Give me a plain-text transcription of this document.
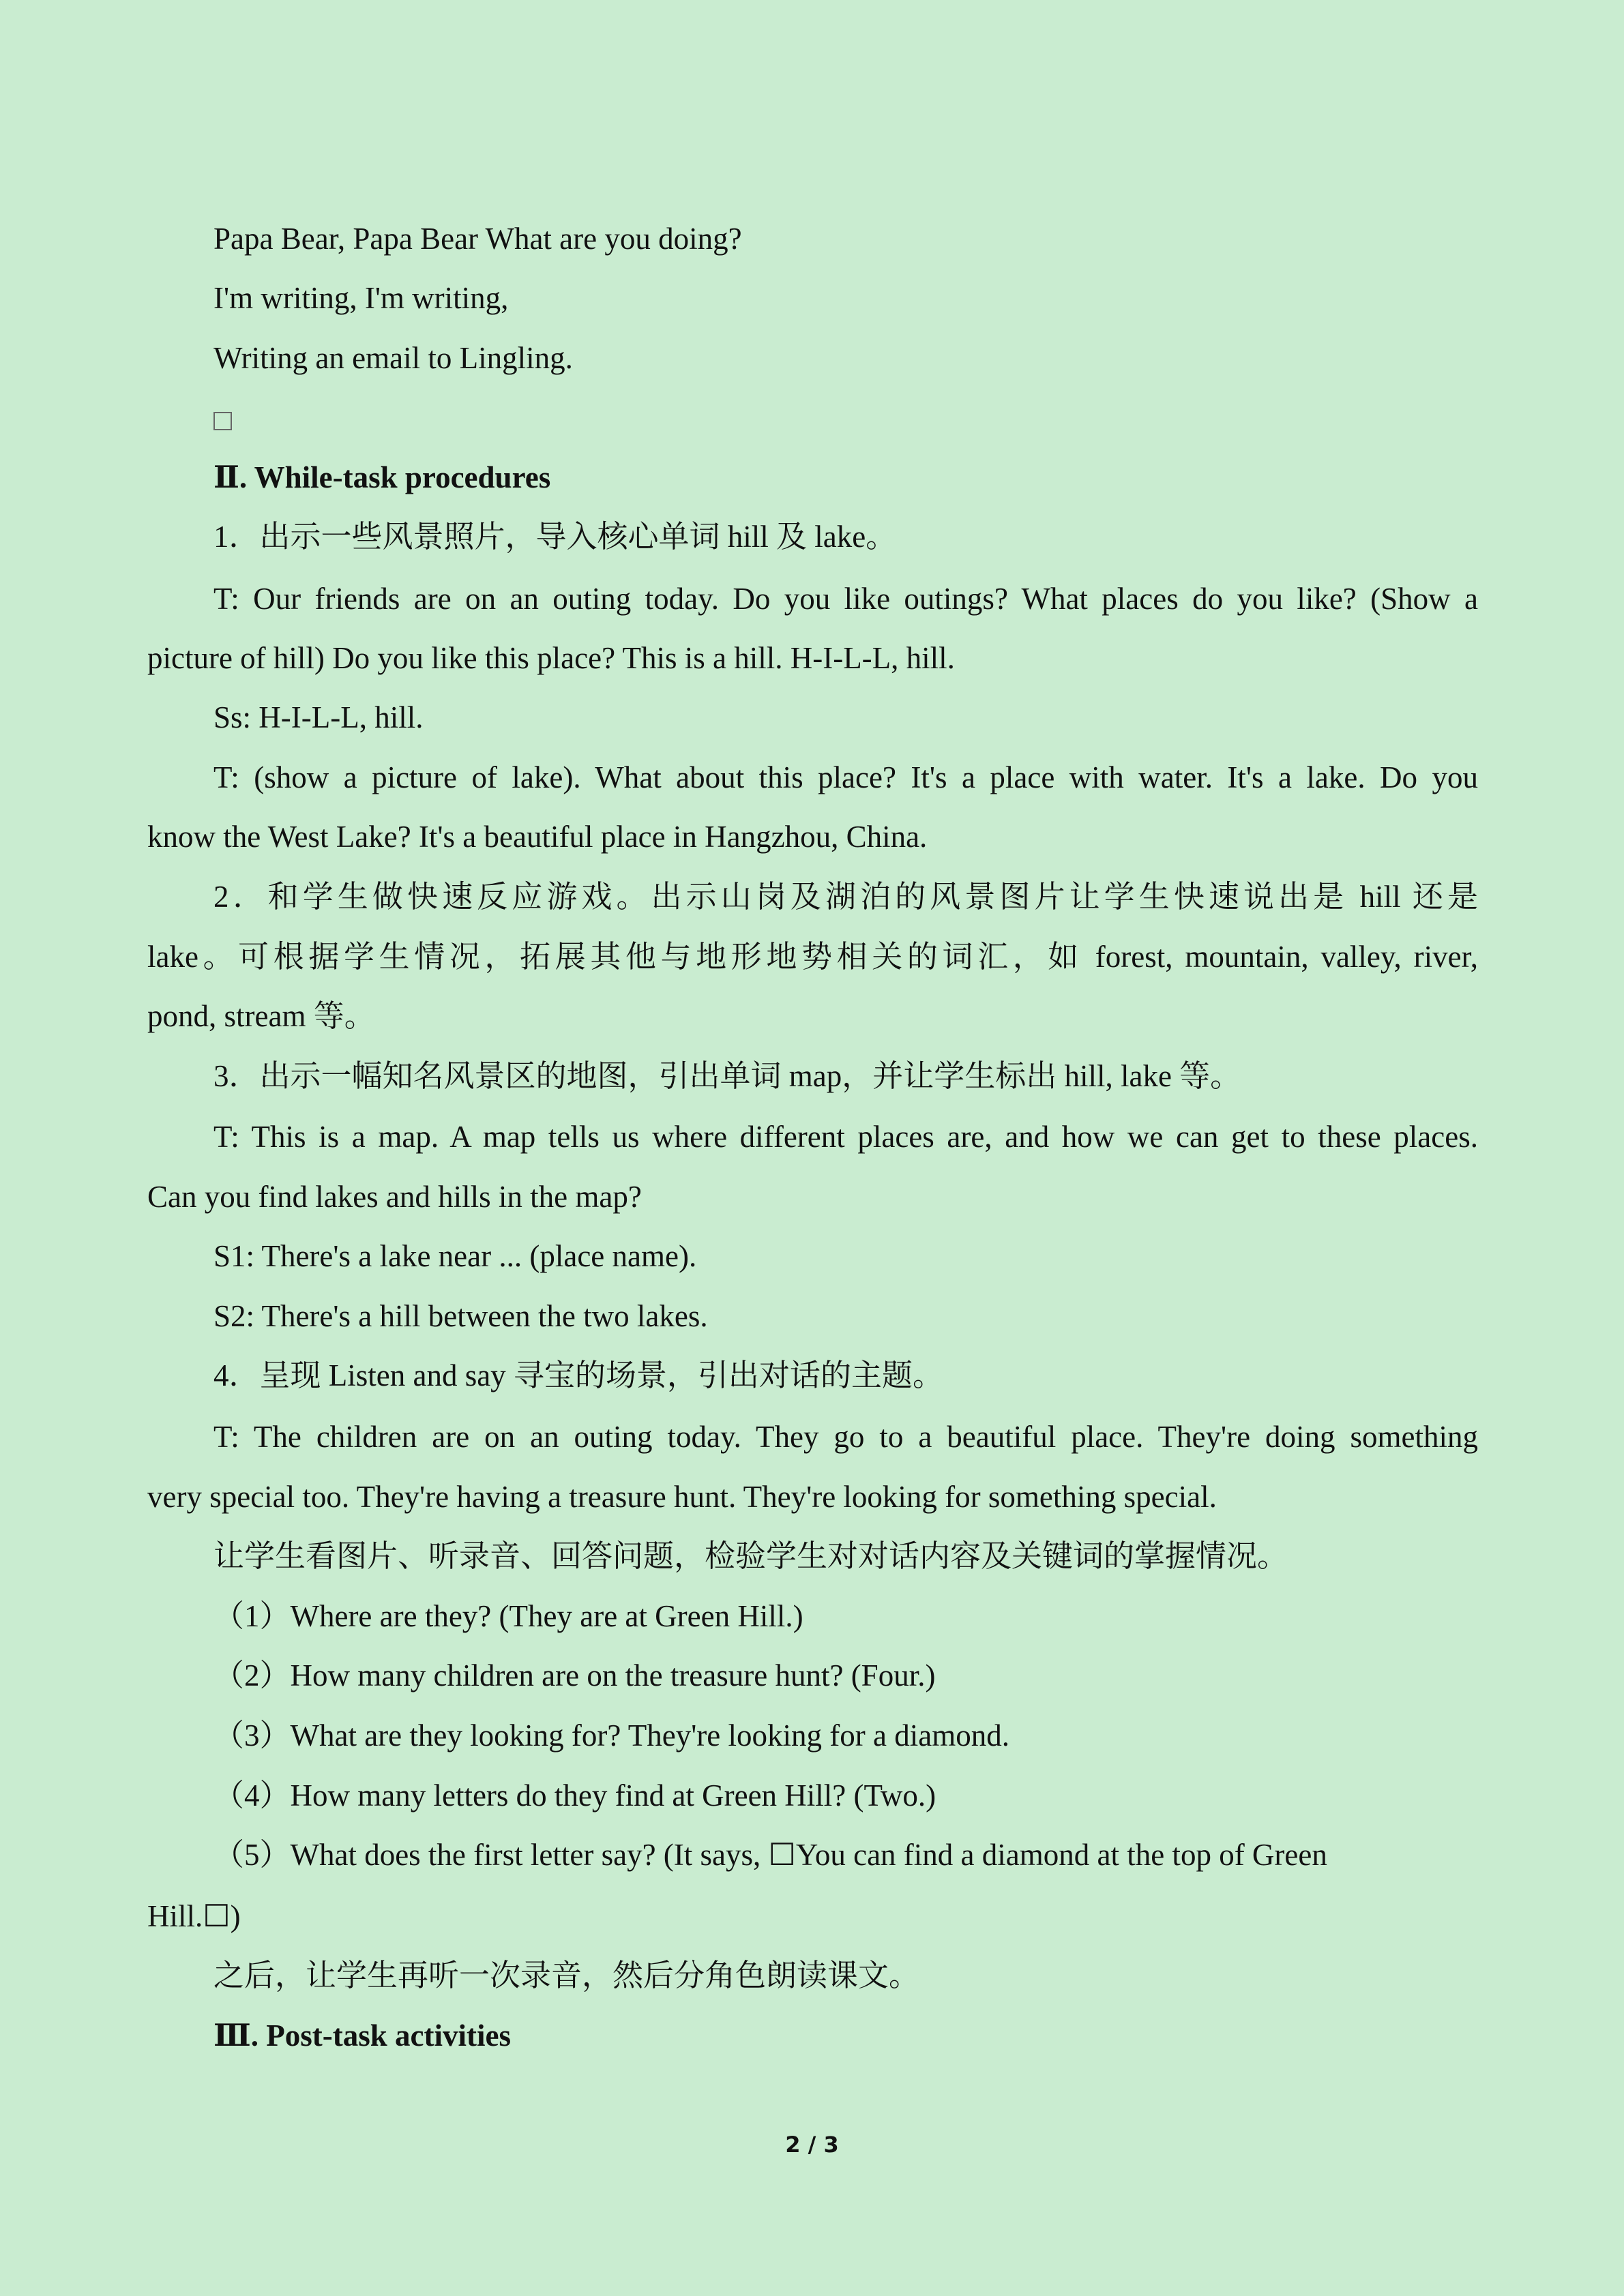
Papa Bear, Papa Bear What are you doing?
I'm writing, I'm writing,
Writing an email to Lingling.
Ⅱ. While-task procedures
1．出示一些风景照片，导入核心单词 hill 及 lake。
T: Our friends are on an outing today. Do you like outings? What places do you like? (Show a
picture of hill) Do you like this place? This is a hill. H-I-L-L, hill.
Ss: H-I-L-L, hill.
T: (show a picture of lake). What about this place? It's a place with water. It's a lake. Do you
know the West Lake? It's a beautiful place in Hangzhou, China.
2．和学生做快速反应游戏。出示山岗及湖泊的风景图片让学生快速说出是 hill 还是
lake。可根据学生情况，拓展其他与地形地势相关的词汇，如 forest, mountain, valley, river,
pond, stream 等。
3．出示一幅知名风景区的地图，引出单词 map，并让学生标出 hill, lake 等。
T: This is a map. A map tells us where different places are, and how we can get to these places.
Can you find lakes and hills in the map?
S1: There's a lake near ... (place name).
S2: There's a hill between the two lakes.
4．呈现 Listen and say 寻宝的场景，引出对话的主题。
T: The children are on an outing today. They go to a beautiful place. They're doing something
very special too. They're having a treasure hunt. They're looking for something special.
让学生看图片、听录音、回答问题，检验学生对对话内容及关键词的掌握情况。
（1）Where are they? (They are at Green Hill.)
（2）How many children are on the treasure hunt? (Four.)
（3）What are they looking for? They're looking for a diamond.
（4）How many letters do they find at Green Hill? (Two.)
（5）What does the first letter say? (It says, ☐You can find a diamond at the top of Green
Hill.☐)
之后，让学生再听一次录音，然后分角色朗读课文。
Ⅲ. Post-task activities
2 / 3
